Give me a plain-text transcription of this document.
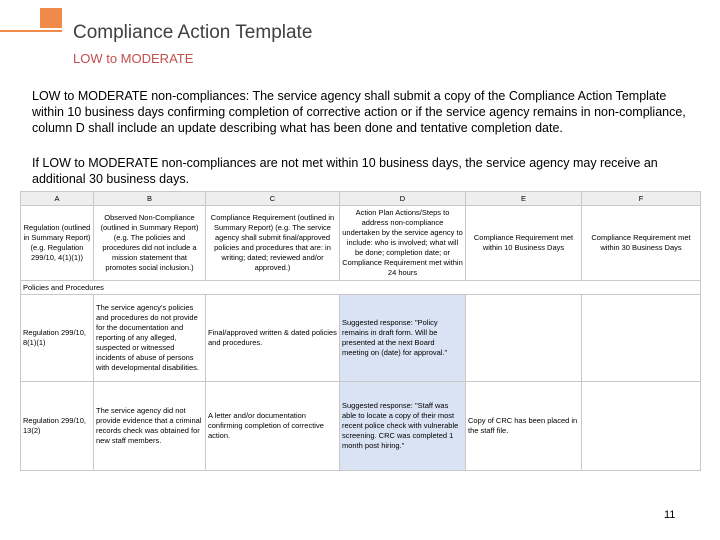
Compliance Action Template
LOW to MODERATE
LOW to MODERATE non-compliances: The service agency shall submit a copy of the Compliance Action Template within 10 business days confirming completion of corrective action or if the service agency remains in non-compliance, column D shall include an update describing what has been done and tentative completion date.
If LOW to MODERATE non-compliances are not met within 10 business days, the service agency may receive an additional 30 business days.
A	B	C	D	E	F
Regulation (outlined in Summary Report) (e.g. Regulation 299/10, 4(1)(1))	Observed Non-Compliance (outlined in Summary Report) (e.g. The policies and procedures did not include a mission statement that promotes social inclusion.)	Compliance Requirement (outlined in Summary Report) (e.g. The service agency shall submit final/approved policies and procedures that are: in writing; dated; reviewed and/or approved.)	Action Plan Actions/Steps to address non-compliance undertaken by the service agency to include: who is involved; what will be done; completion date; or Compliance Requirement met within 24 hours	Compliance Requirement met within 10 Business Days	Compliance Requirement met within 30 Business Days
Policies and Procedures					
Regulation 299/10, 8(1)(1)	The service agency's policies and procedures do not provide for the documentation and reporting of any alleged, suspected or witnessed incidents of abuse of persons with developmental disabilities.	Final/approved written & dated policies and procedures.	Suggested response: "Policy remains in draft form. Will be presented at the next Board meeting on (date) for approval."		
Regulation 299/10, 13(2)	The service agency did not provide evidence that a criminal records check was obtained for new staff members.	A letter and/or documentation confirming completion of corrective action.	Suggested response: "Staff was able to locate a copy of their most recent police check with vulnerable screening. CRC was completed 1 month post hiring."	Copy of CRC has been placed in the staff file.	
11
